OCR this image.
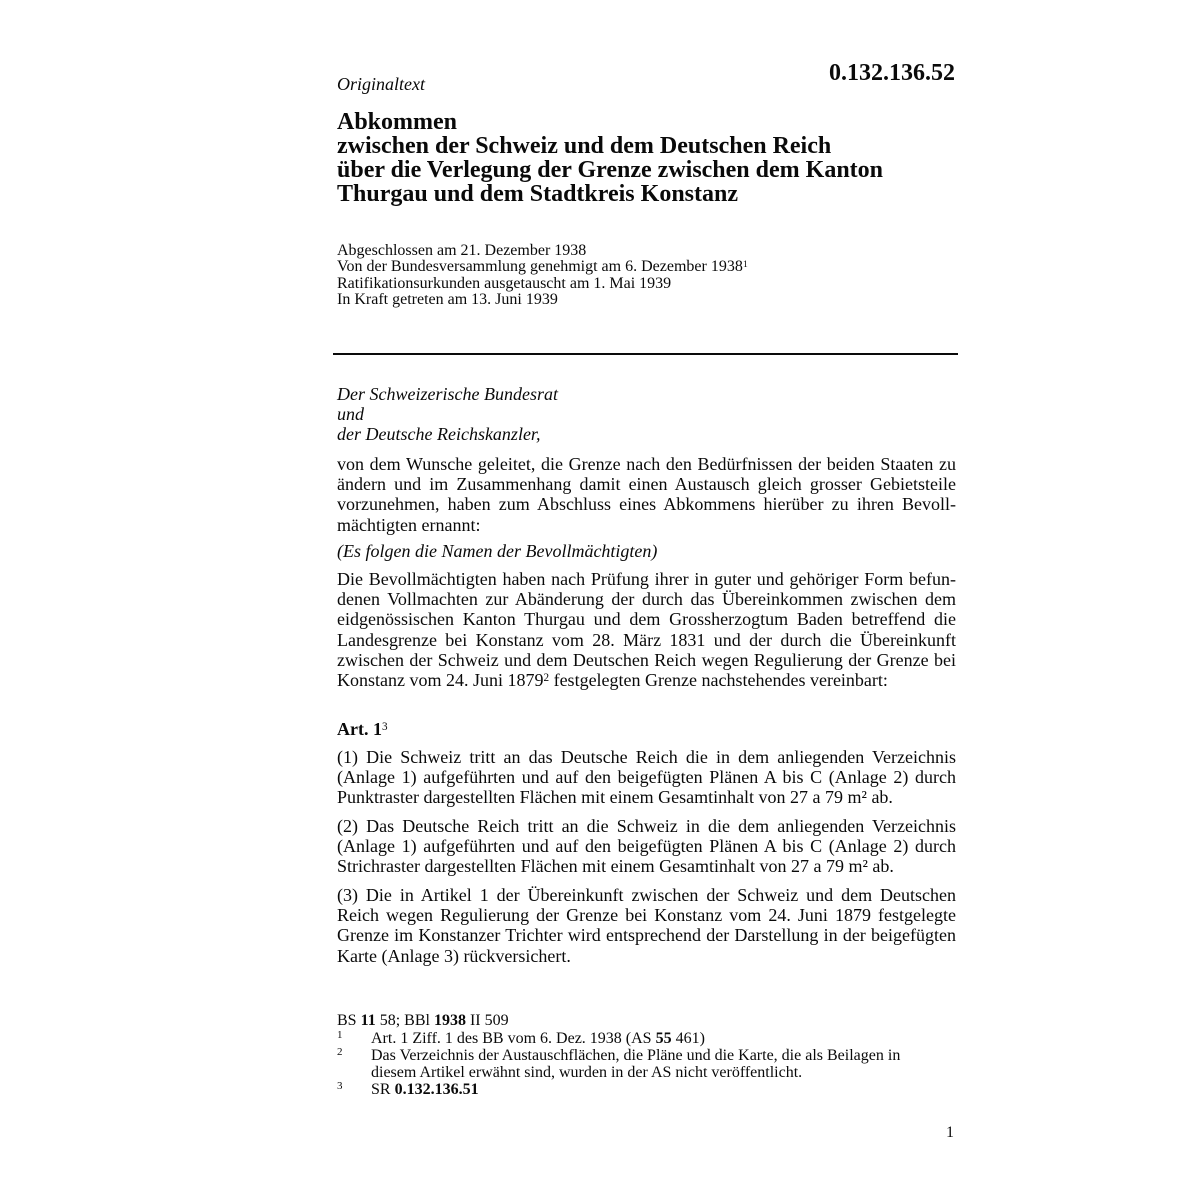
Originaltext	0.132.136.52
Abkommen
zwischen der Schweiz und dem Deutschen Reich
über die Verlegung der Grenze zwischen dem Kanton
Thurgau und dem Stadtkreis Konstanz
Abgeschlossen am 21. Dezember 1938
Von der Bundesversammlung genehmigt am 6. Dezember 1938$^1$
Ratifikationsurkunden ausgetauscht am 1. Mai 1939
In Kraft getreten am 13. Juni 1939
Der Schweizerische Bundesrat
und
der Deutsche Reichskanzler,
von dem Wunsche geleitet, die Grenze nach den Bedürfnissen der beiden Staaten zu
ändern und im Zusammenhang damit einen Austausch gleich grosser Gebietsteile
vorzunehmen, haben zum Abschluss eines Abkommens hierüber zu ihren Bevoll-
mächtigten ernannt:
(Es folgen die Namen der Bevollmächtigten)
Die Bevollmächtigten haben nach Prüfung ihrer in guter und gehöriger Form befun-
denen Vollmachten zur Abänderung der durch das Übereinkommen zwischen dem
eidgenössischen Kanton Thurgau und dem Grossherzogtum Baden betreffend die
Landesgrenze bei Konstanz vom 28. März 1831 und der durch die Übereinkunft
zwischen der Schweiz und dem Deutschen Reich wegen Regulierung der Grenze bei
Konstanz vom 24. Juni 1879$^2$ festgelegten Grenze nachstehendes vereinbart:
Art. 1$^3$
(1) Die Schweiz tritt an das Deutsche Reich die in dem anliegenden Verzeichnis
(Anlage 1) aufgeführten und auf den beigefügten Plänen A bis C (Anlage 2) durch
Punktraster dargestellten Flächen mit einem Gesamtinhalt von 27 a 79 m² ab.
(2) Das Deutsche Reich tritt an die Schweiz in die dem anliegenden Verzeichnis
(Anlage 1) aufgeführten und auf den beigefügten Plänen A bis C (Anlage 2) durch
Strichraster dargestellten Flächen mit einem Gesamtinhalt von 27 a 79 m² ab.
(3) Die in Artikel 1 der Übereinkunft zwischen der Schweiz und dem Deutschen
Reich wegen Regulierung der Grenze bei Konstanz vom 24. Juni 1879 festgelegte
Grenze im Konstanzer Trichter wird entsprechend der Darstellung in der beigefügten
Karte (Anlage 3) rückversichert.
BS 11 58; BBl 1938 II 509
1 Art. 1 Ziff. 1 des BB vom 6. Dez. 1938 (AS 55 461)
2 Das Verzeichnis der Austauschflächen, die Pläne und die Karte, die als Beilagen in
diesem Artikel erwähnt sind, wurden in der AS nicht veröffentlicht.
3 SR 0.132.136.51
1
